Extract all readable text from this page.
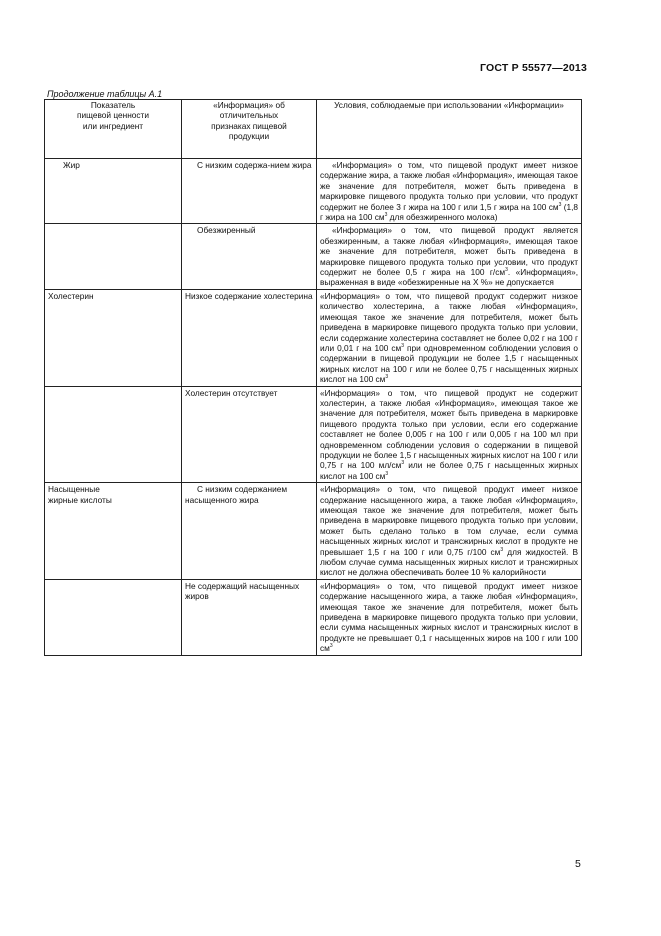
ГОСТ Р 55577—2013
Продолжение таблицы А.1
Показатель пищевой ценности или ингредиент	«Информация» об отличительных признаках пищевой продукции	Условия, соблюдаемые при использовании «Информации»
Жир	С низким содержа-нием жира	«Информация» о том, что пищевой продукт имеет низкое содержание жира, а также любая «Информация», имеющая такое же значение для потребителя, может быть приведена в маркировке пищевого продукта только при условии, что продукт содержит не более 3 г жира на 100 г или 1,5 г жира на 100 $см^3$ (1,8 г жира на 100 $см^3$ для обезжиренного молока)
	Обезжиренный	«Информация» о том, что пищевой продукт является обезжиренным, а также любая «Информация», имеющая такое же значение для потребителя, может быть приведена в маркировке пищевого продукта только при условии, что продукт содержит не более 0,5 г жира на 100 $г/см^3$. «Информация», выраженная в виде «обезжиренные на X %» не допускается
Холестерин	Низкое содержание холестерина	«Информация» о том, что пищевой продукт содержит низкое количество холестерина, а также любая «Информация», имеющая такое же значение для потребителя, может быть приведена в маркировке пищевого продукта только при условии, если содержание холестерина составляет не более 0,02 г на 100 г или 0,01 г на 100 $см^3$ при одновременном соблюдении условия о содержании в пищевой продукции не более 1,5 г насыщенных жирных кислот на 100 г или не более 0,75 г насыщенных жирных кислот на 100 $см^3$
	Холестерин отсутствует	«Информация» о том, что пищевой продукт не содержит холестерин, а также любая «Информация», имеющая такое же значение для потребителя, может быть приведена в маркировке пищевого продукта только при условии, если его содержание составляет не более 0,005 г на 100 г или 0,005 г на 100 мл при одновременном соблюдении условия о содержании в пищевой продукции не более 1,5 г насыщенных жирных кислот на 100 г или 0,75 г на 100 $мл/см^3$ или не более 0,75 г насыщенных жирных кислот на 100 $см^3$
Насыщенные жирные кислоты	С низким содержанием насыщенного жира	«Информация» о том, что пищевой продукт имеет низкое содержание насыщенного жира, а также любая «Информация», имеющая такое же значение для потребителя, может быть приведена в маркировке пищевого продукта только при условии, может быть сделано только в том случае, если сумма насыщенных жирных кислот и трансжирных кислот в продукте не превышает 1,5 г на 100 г или 0,75 г/100 $см^3$ для жидкостей. В любом случае сумма насыщенных жирных кислот и трансжирных кислот не должна обеспечивать более 10 % калорийности
	Не содержащий насыщенных жиров	«Информация» о том, что пищевой продукт имеет низкое содержание насыщенного жира, а также любая «Информация», имеющая такое же значение для потребителя, может быть приведена в маркировке пищевого продукта только при условии, если сумма насыщенных жирных кислот и трансжирных кислот в продукте не превышает 0,1 г насыщенных жиров на 100 г или 100 $см^3$
5
